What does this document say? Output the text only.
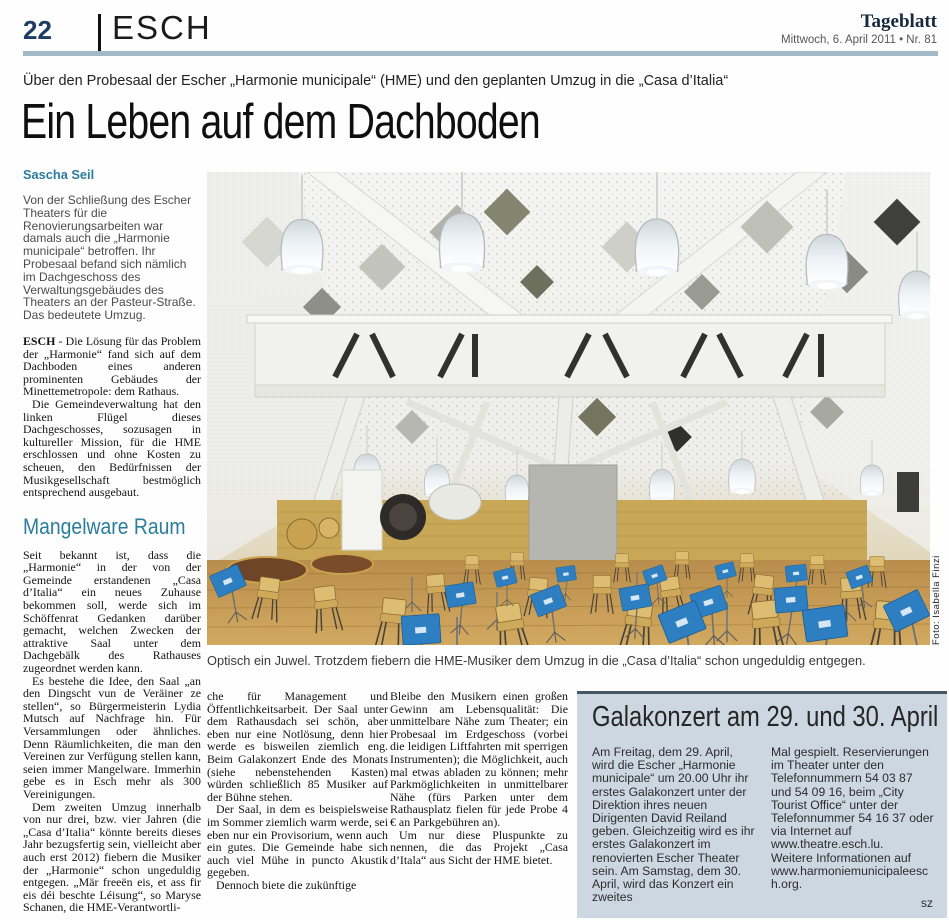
22 ESCH	Tageblatt
Mittwoch, 6. April 2011 • Nr. 81
Über den Probesaal der Escher „Harmonie municipale“ (HME) und den geplanten Umzug in die „Casa d’Italia“
Ein Leben auf dem Dachboden

Sascha Seil

Von der Schließung des Escher Theaters für die Renovierungsarbeiten war damals auch die „Harmonie municipale“ betroffen. Ihr Probesaal befand sich nämlich im Dachgeschoss des Verwaltungsgebäudes des Theaters an der Pasteur-Straße. Das bedeutete Umzug.

ESCH - Die Lösung für das Problem der „Harmonie“ fand sich auf dem Dachboden eines anderen prominenten Gebäudes der Minettemetropole: dem Rathaus.

Die Gemeindeverwaltung hat den linken Flügel dieses Dachgeschosses, sozusagen in kultureller Mission, für die HME erschlossen und ohne Kosten zu scheuen, den Bedürfnissen der Musikgesellschaft bestmöglich entsprechend ausgebaut.

Mangelware Raum

Seit bekannt ist, dass die „Harmonie“ in der von der Gemeinde erstandenen „Casa d’Italia“ ein neues Zuhause bekommen soll, werde sich im Schöffenrat Gedanken darüber gemacht, welchen Zwecken der attraktive Saal unter dem Dachgebälk des Rathauses zugeordnet werden kann.

Es bestehe die Idee, den Saal „an den Dingscht vun de Veräiner ze stellen“, so Bürgermeisterin Lydia Mutsch auf Nachfrage hin. Für Versammlungen oder ähnliches. Denn Räumlichkeiten, die man den Vereinen zur Verfügung stellen kann, seien immer Mangelware. Immerhin gebe es in Esch mehr als 300 Vereinigungen.

Dem zweiten Umzug innerhalb von nur drei, bzw. vier Jahren (die „Casa d’Italia“ könnte bereits dieses Jahr bezugsfertig sein, vielleicht aber auch erst 2012) fiebern die Musiker der „Harmonie“ schon ungeduldig entgegen. „Mär freeën eis, et ass fir eis déi beschte Léisung“, so Maryse Schanen, die HME-Verantwortli-

Foto: Isabella Finzi
Optisch ein Juwel. Trotzdem fiebern die HME-Musiker dem Umzug in die „Casa d’Italia“ schon ungeduldig entgegen.

che für Management und Öffentlichkeitsarbeit. Der Saal unter dem Rathausdach sei schön, aber eben nur eine Notlösung, denn hier werde es bisweilen ziemlich eng. Beim Galakonzert Ende des Monats (siehe nebenstehenden Kasten) würden schließlich 85 Musiker auf der Bühne stehen.

Der Saal, in dem es beispielsweise im Sommer ziemlich warm werde, sei eben nur ein Provisorium, wenn auch ein gutes. Die Gemeinde habe sich auch viel Mühe in puncto Akustik gegeben.

Dennoch biete die zukünftige

Bleibe den Musikern einen großen Gewinn am Lebensqualität: Die unmittelbare Nähe zum Theater; ein Probesaal im Erdgeschoss (vorbei die leidigen Liftfahrten mit sperrigen Instrumenten); die Möglichkeit, auch mal etwas abladen zu können; mehr Parkmöglichkeiten in unmittelbarer Nähe (fürs Parken unter dem Rathausplatz fielen für jede Probe 4 € an Parkgebühren an).

Um nur diese Pluspunkte zu nennen, die das Projekt „Casa d’Itala“ aus Sicht der HME bietet.

Galakonzert am 29. und 30. April

Am Freitag, dem 29. April, wird die Escher „Harmonie municipale“ um 20.00 Uhr ihr erstes Galakonzert unter der Direktion ihres neuen Dirigenten David Reiland geben. Gleichzeitig wird es ihr erstes Galakonzert im renovierten Escher Theater sein. Am Samstag, dem 30. April, wird das Konzert ein zweites

Mal gespielt. Reservierungen im Theater unter den Telefonnummern 54 03 87 und 54 09 16, beim „City Tourist Office“ unter der Telefonnummer 54 16 37 oder via Internet auf www.theatre.esch.lu.

Weitere Informationen auf www.harmoniemunicipaleesch.org.

sz
